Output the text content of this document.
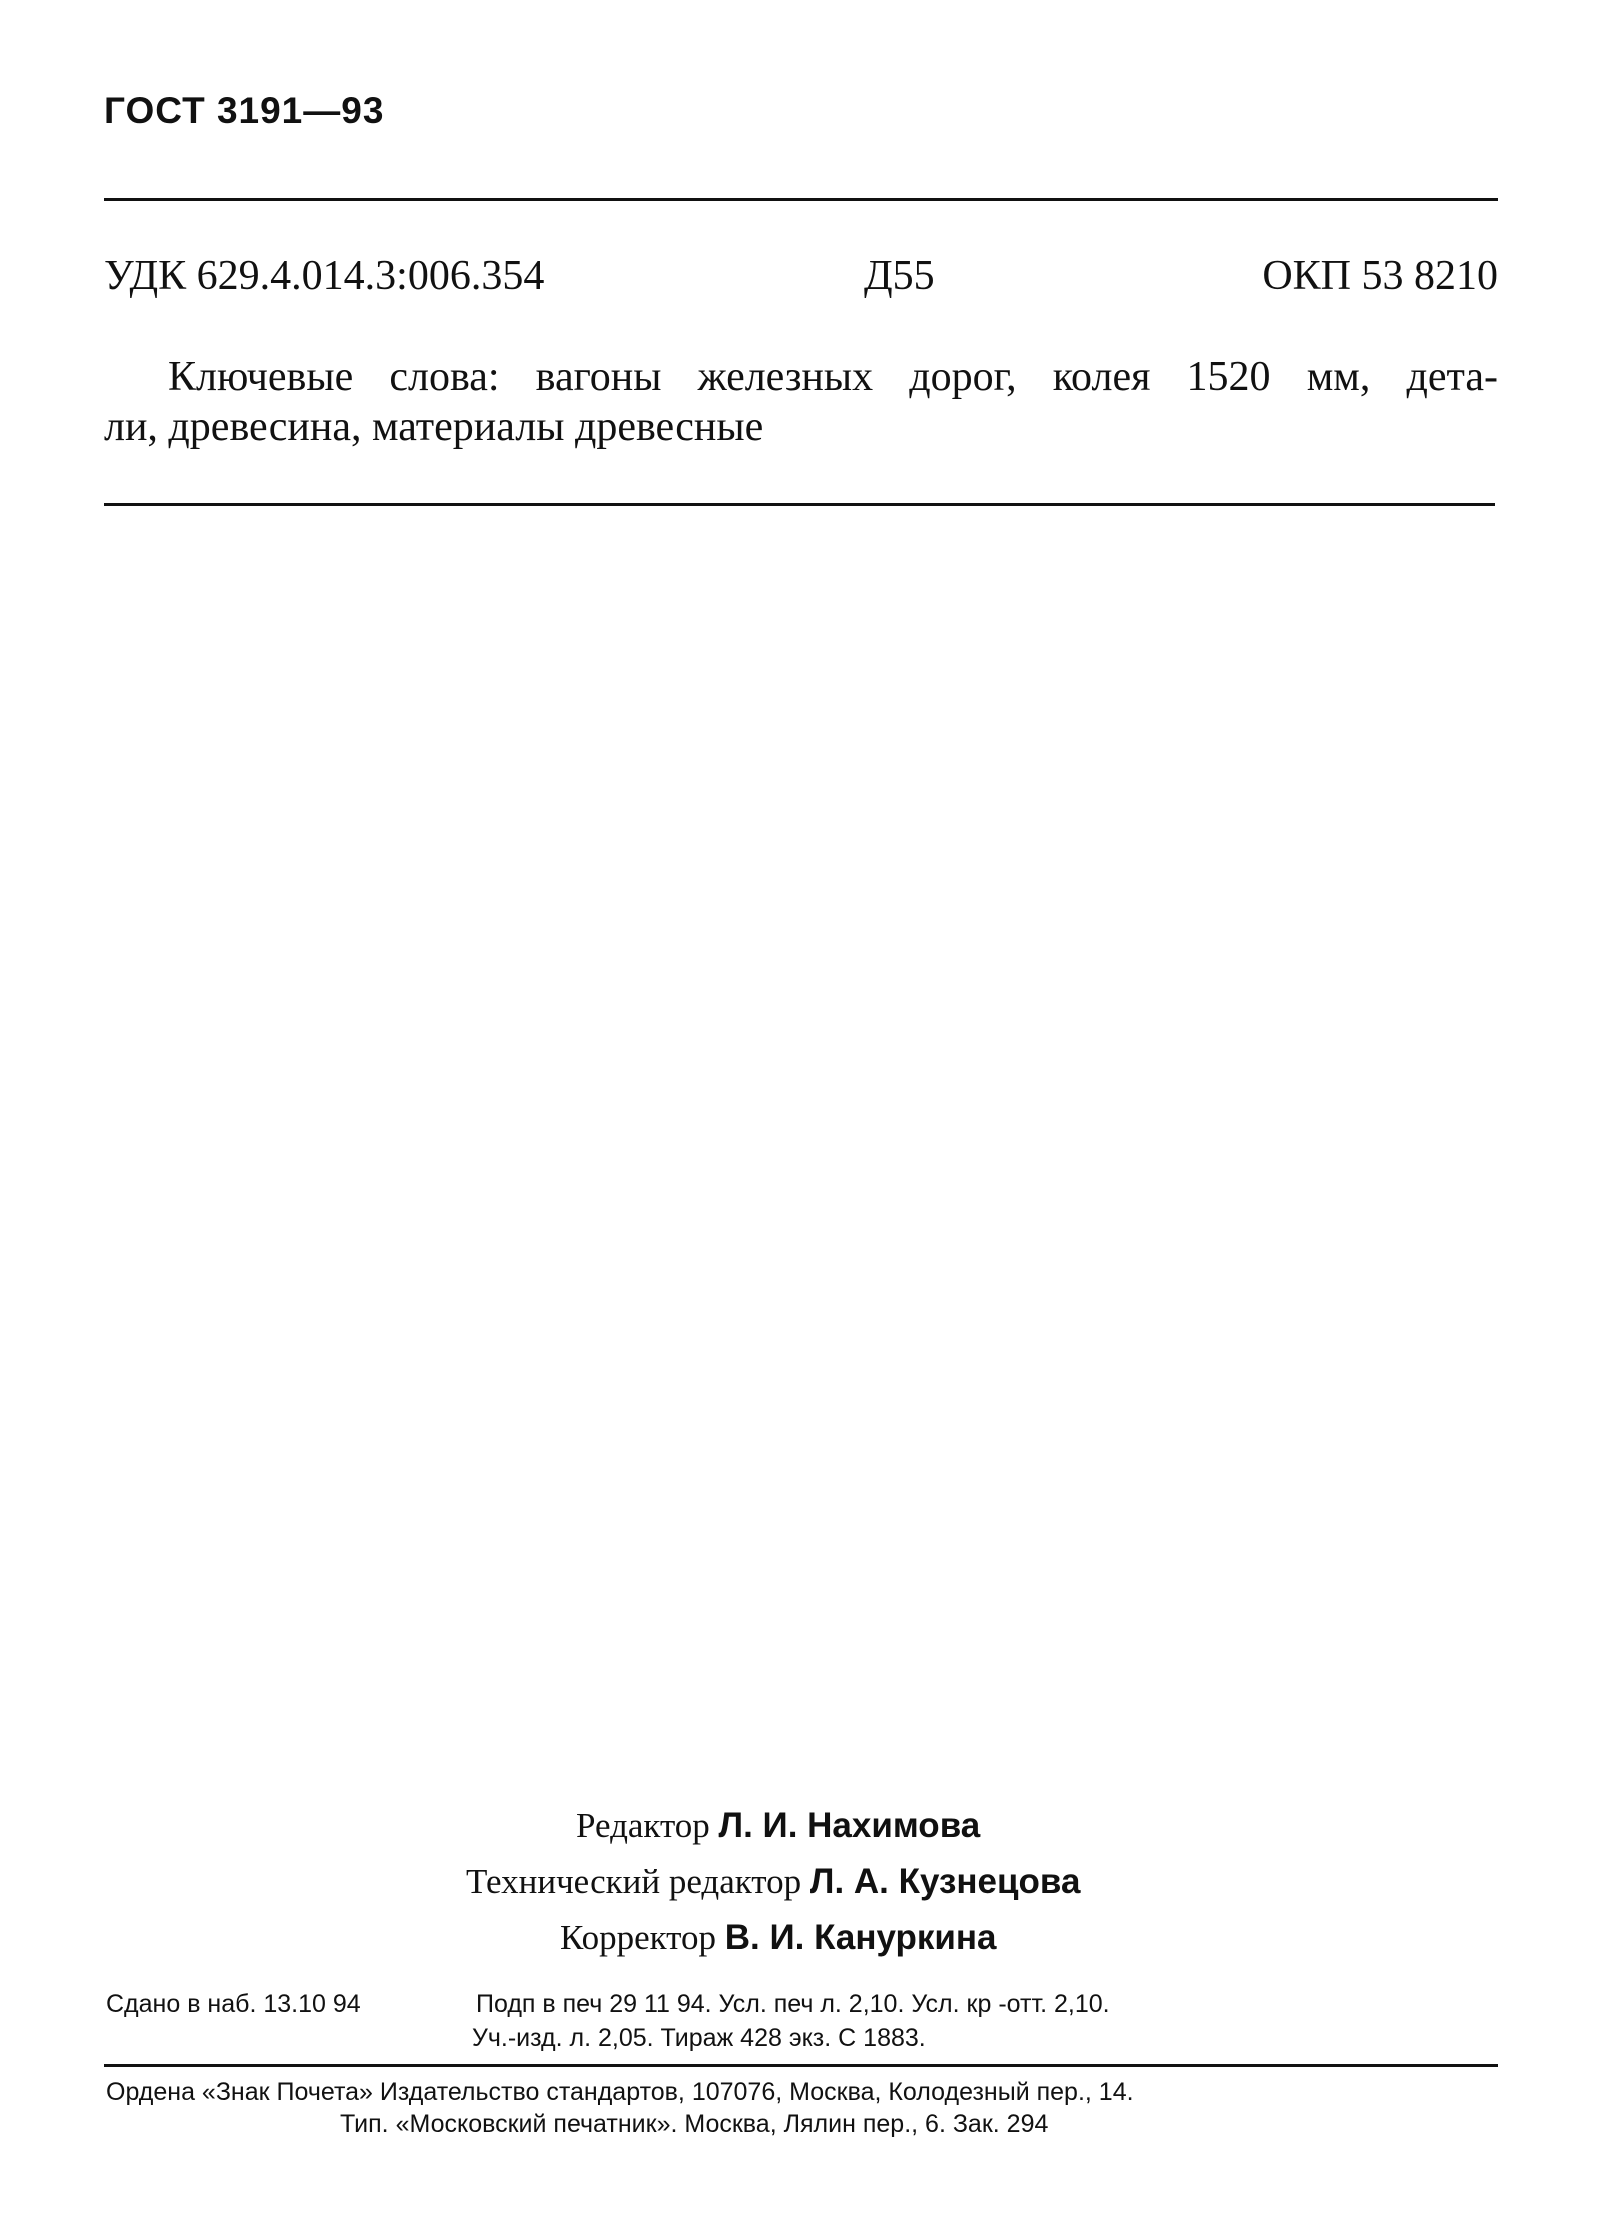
ГОСТ 3191—93
УДК 629.4.014.3:006.354	Д55	ОКП 53 8210
Ключевые слова: вагоны железных дорог, колея 1520 мм, дета-
ли, древесина, материалы древесные
Редактор Л. И. Нахимова
Технический редактор Л. А. Кузнецова
Корректор В. И. Кануркина
Сдано в наб. 13.10 94	Подп в печ 29 11 94. Усл. печ л. 2,10. Усл. кр -отт. 2,10.
Уч.-изд. л. 2,05. Тираж 428 экз. С 1883.
Ордена «Знак Почета» Издательство стандартов, 107076, Москва, Колодезный пер., 14.
Тип. «Московский печатник». Москва, Лялин пер., 6. Зак. 294
